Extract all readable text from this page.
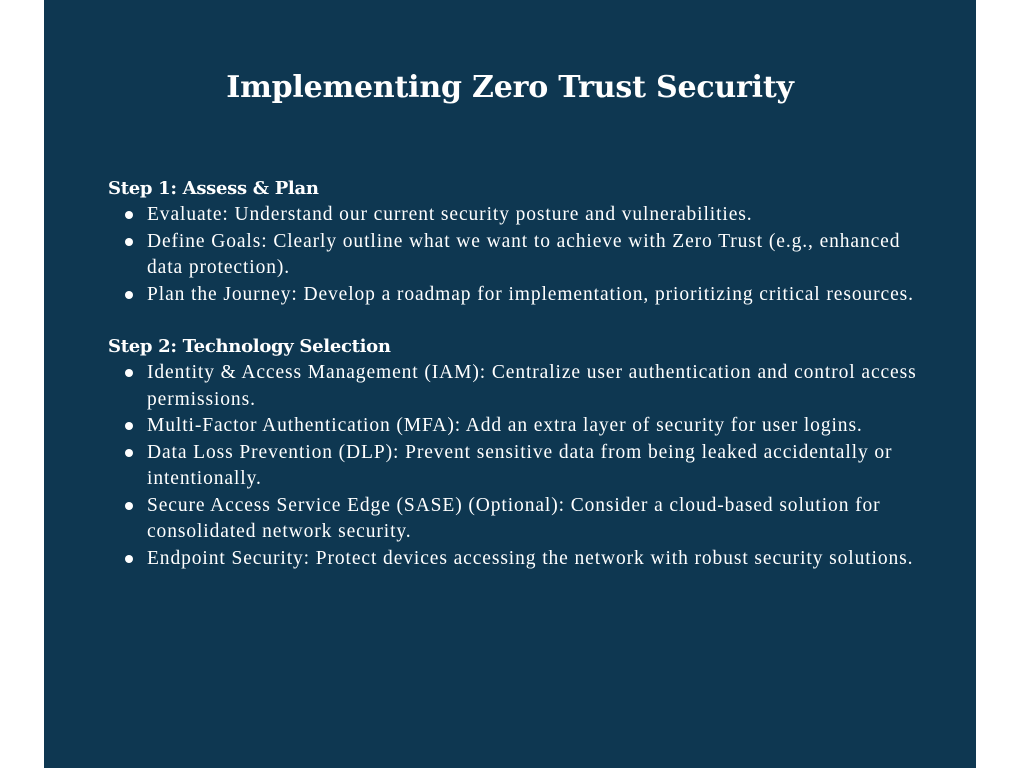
Implementing Zero Trust Security

Step 1: Assess & Plan

Evaluate: Understand our current security posture and vulnerabilities.
Define Goals: Clearly outline what we want to achieve with Zero Trust (e.g., enhanced data protection).
Plan the Journey: Develop a roadmap for implementation, prioritizing critical resources.

Step 2: Technology Selection

Identity & Access Management (IAM): Centralize user authentication and control access permissions.
Multi-Factor Authentication (MFA): Add an extra layer of security for user logins.
Data Loss Prevention (DLP): Prevent sensitive data from being leaked accidentally or intentionally.
Secure Access Service Edge (SASE) (Optional): Consider a cloud-based solution for consolidated network security.
Endpoint Security: Protect devices accessing the network with robust security solutions.
